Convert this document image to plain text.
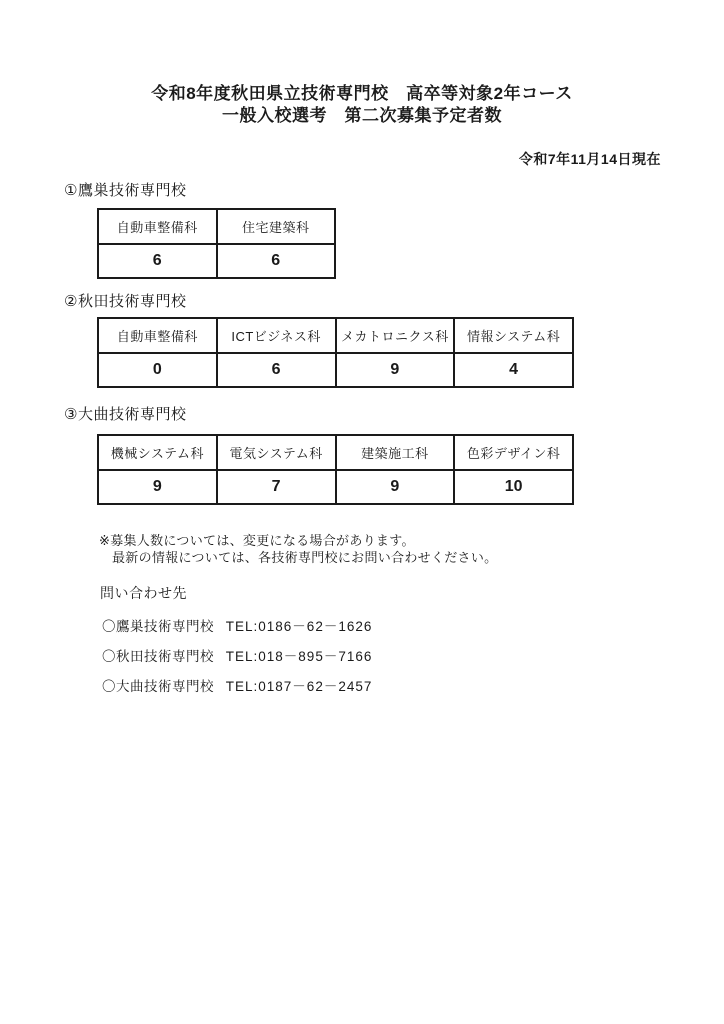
令和8年度秋田県立技術専門校　高卒等対象2年コース
一般入校選考　第二次募集予定者数
令和7年11月14日現在
①鷹巣技術専門校
自動車整備科	住宅建築科
6	6
②秋田技術専門校
自動車整備科	ICTビジネス科	メカトロニクス科	情報システム科
0	6	9	4
③大曲技術専門校
機械システム科	電気システム科	建築施工科	色彩デザイン科
9	7	9	10
※募集人数については、変更になる場合があります。
最新の情報については、各技術専門校にお問い合わせください。
問い合わせ先
〇鷹巣技術専門校 TEL:0186－62－1626
〇秋田技術専門校 TEL:018－895－7166
〇大曲技術専門校 TEL:0187－62－2457
